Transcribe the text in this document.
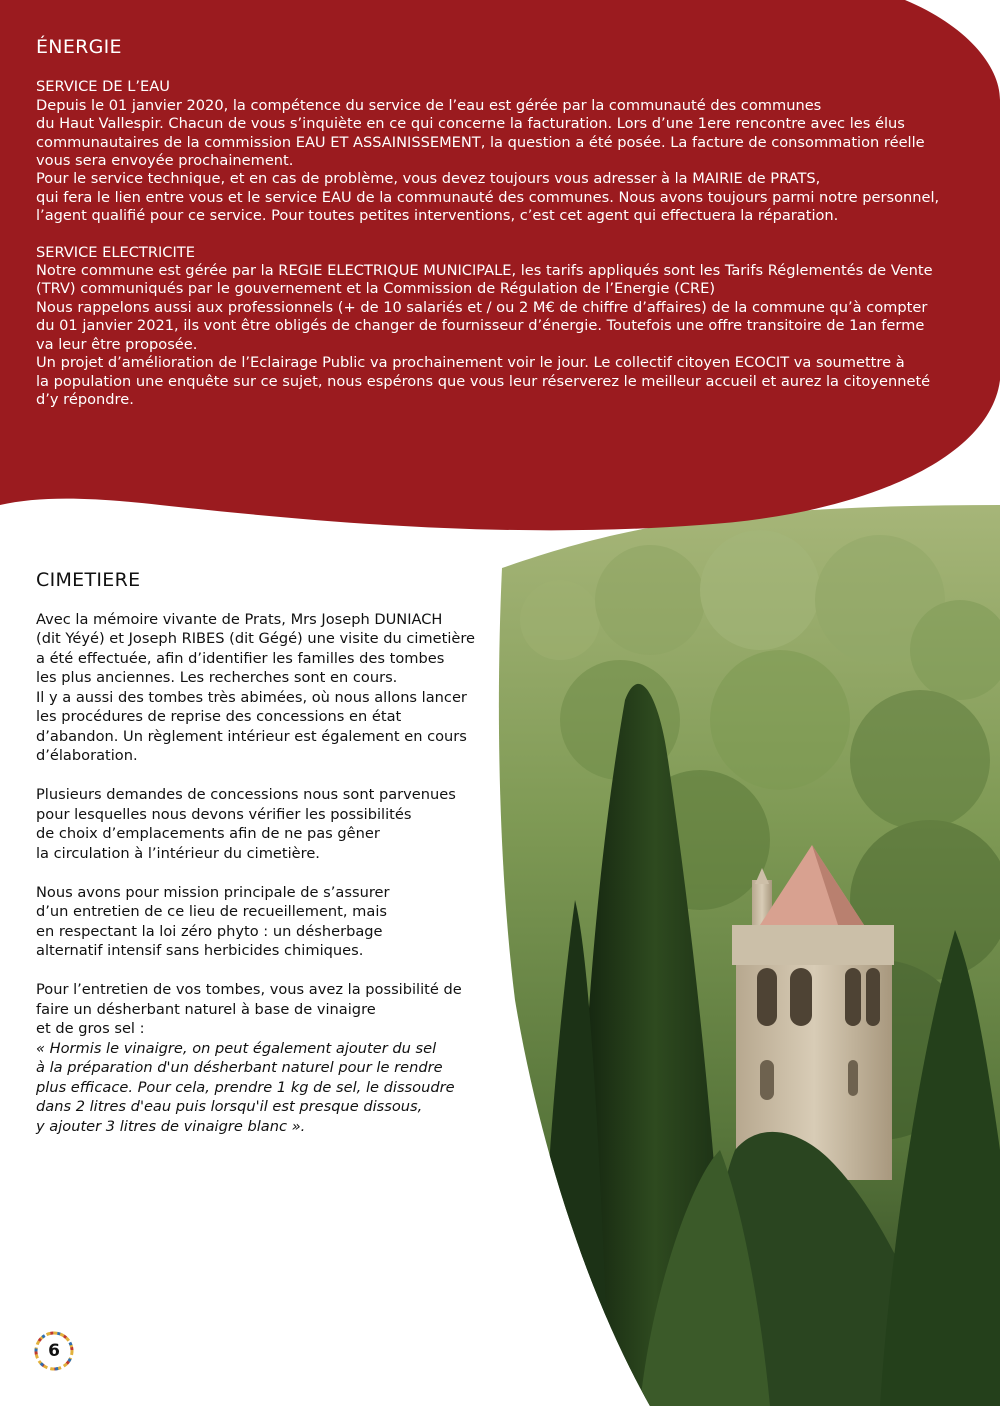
ÉNERGIE
SERVICE DE L’EAU

Depuis le 01 janvier 2020, la compétence du service de l’eau est gérée par la communauté des communes
du Haut Vallespir. Chacun de vous s’inquiète en ce qui concerne la facturation. Lors d’une 1ere rencontre avec les élus
communautaires de la commission EAU ET ASSAINISSEMENT, la question a été posée. La facture de consommation réelle
vous sera envoyée prochainement.
Pour le service technique, et en cas de problème, vous devez toujours vous adresser à la MAIRIE de PRATS,
qui fera le lien entre vous et le service EAU de la communauté des communes. Nous avons toujours parmi notre personnel,
l’agent qualifié pour ce service. Pour toutes petites interventions, c’est cet agent qui effectuera la réparation.

SERVICE ELECTRICITE

Notre commune est gérée par la REGIE ELECTRIQUE MUNICIPALE, les tarifs appliqués sont les Tarifs Réglementés de Vente
(TRV) communiqués par le gouvernement et la Commission de Régulation de l’Energie (CRE)
Nous rappelons aussi aux professionnels (+ de 10 salariés et / ou 2 M€ de chiffre d’affaires) de la commune qu’à compter
du 01 janvier 2021, ils vont être obligés de changer de fournisseur d’énergie. Toutefois une offre transitoire de 1an ferme
va leur être proposée.
Un projet d’amélioration de l’Eclairage Public va prochainement voir le jour. Le collectif citoyen ECOCIT va soumettre à
la population une enquête sur ce sujet, nous espérons que vous leur réserverez le meilleur accueil et aurez la citoyenneté
d’y répondre.

CIMETIERE

Avec la mémoire vivante de Prats, Mrs Joseph DUNIACH
(dit Yéyé) et Joseph RIBES (dit Gégé) une visite du cimetière
a été effectuée, afin d’identifier les familles des tombes
les plus anciennes. Les recherches sont en cours.
Il y a aussi des tombes très abimées, où nous allons lancer
les procédures de reprise des concessions en état
d’abandon. Un règlement intérieur est également en cours
d’élaboration.

Plusieurs demandes de concessions nous sont parvenues
pour lesquelles nous devons vérifier les possibilités
de choix d’emplacements afin de ne pas gêner
la circulation à l’intérieur du cimetière.

Nous avons pour mission principale de s’assurer
d’un entretien de ce lieu de recueillement, mais
en respectant la loi zéro phyto : un désherbage
alternatif intensif sans herbicides chimiques.

Pour l’entretien de vos tombes, vous avez la possibilité de
faire un désherbant naturel à base de vinaigre
et de gros sel :

« Hormis le vinaigre, on peut également ajouter du sel
à la préparation d'un désherbant naturel pour le rendre
plus efficace. Pour cela, prendre 1 kg de sel, le dissoudre
dans 2 litres d'eau puis lorsqu'il est presque dissous,
y ajouter 3 litres de vinaigre blanc ».

6
